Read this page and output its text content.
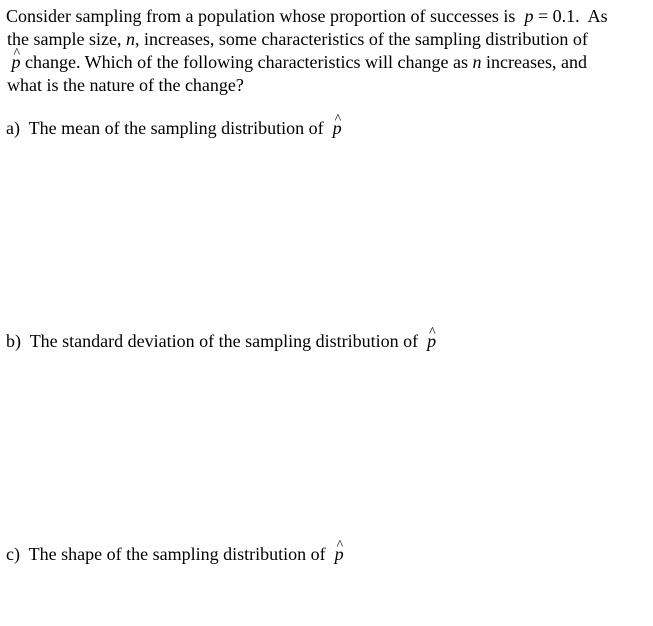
Consider sampling from a population whose proportion of successes is p = 0.1. As
the sample size, n, increases, some characteristics of the sampling distribution of
^ p change. Which of the following characteristics will change as n increases, and
what is the nature of the change?
a) The mean of the sampling distribution of ^ p
b) The standard deviation of the sampling distribution of ^ p
c) The shape of the sampling distribution of ^ p
